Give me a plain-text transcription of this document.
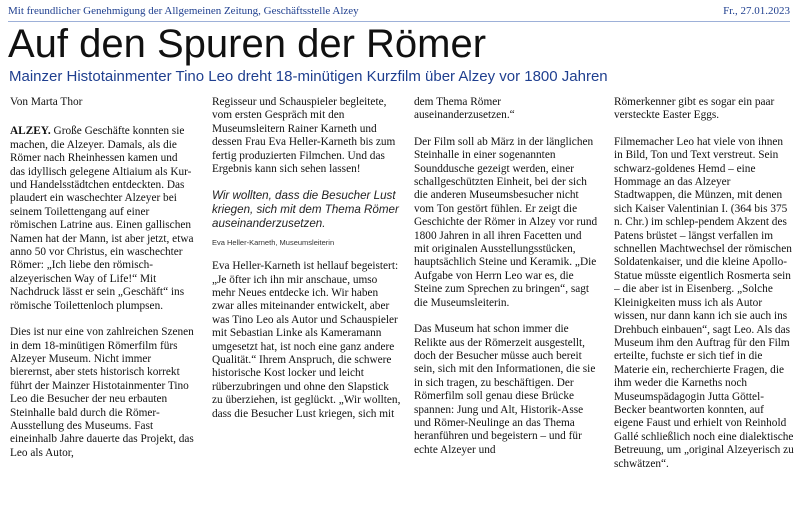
Mit freundlicher Genehmigung der Allgemeinen Zeitung, Geschäftsstelle Alzey	Fr., 27.01.2023
Auf den Spuren der Römer
Mainzer Histotainmenter Tino Leo dreht 18-minütigen Kurzfilm über Alzey vor 1800 Jahren

Von Marta Thor

ALZEY. Große Geschäfte konnten sie machen, die Alzeyer. Damals, als die Römer nach Rheinhessen kamen und das idyllisch gelegene Altiaium als Kur- und Handelsstädtchen entdeckten. Das plaudert ein waschechter Alzeyer bei seinem Toilettengang auf einer römischen Latrine aus. Einen gallischen Namen hat der Mann, ist aber jetzt, etwa anno 50 vor Christus, ein waschechter Römer: „Ich liebe den römisch-alzeyerischen Way of Life!“ Mit Nachdruck lässt er sein „Geschäft“ ins römische Toilettenloch plumpsen.

Dies ist nur eine von zahlreichen Szenen in dem 18-minütigen Römerfilm fürs Alzeyer Museum. Nicht immer bierernst, aber stets historisch korrekt führt der Mainzer Histotainmenter Tino Leo die Besucher der neu erbauten Steinhalle bald durch die Römer-Ausstellung des Museums. Fast eineinhalb Jahre dauerte das Projekt, das Leo als Autor,

Regisseur und Schauspieler begleitete, vom ersten Gespräch mit den Museumsleitern Rainer Karneth und dessen Frau Eva Heller-Karneth bis zum fertig produzierten Filmchen. Und das Ergebnis kann sich sehen lassen!

Wir wollten, dass die Besucher Lust kriegen, sich mit dem Thema Römer auseinanderzusetzen.

Eva Heller-Karneth, Museumsleiterin

Eva Heller-Karneth ist hellauf begeistert: „Je öfter ich ihn mir anschaue, umso mehr Neues entdecke ich. Wir haben zwar alles miteinander entwickelt, aber was Tino Leo als Autor und Schauspieler mit Sebastian Linke als Kameramann umgesetzt hat, ist noch eine ganz andere Qualität.“ Ihrem Anspruch, die schwere historische Kost locker und leicht rüberzubringen und ohne den Slapstick zu überziehen, ist geglückt. „Wir wollten, dass die Besucher Lust kriegen, sich mit

dem Thema Römer auseinanderzusetzen.“

Der Film soll ab März in der länglichen Steinhalle in einer sogenannten Sounddusche gezeigt werden, einer schallgeschützten Einheit, bei der sich die anderen Museumsbesucher nicht vom Ton gestört fühlen. Er zeigt die Geschichte der Römer in Alzey vor rund 1800 Jahren in all ihren Facetten und mit originalen Ausstellungsstücken, hauptsächlich Steine und Keramik. „Die Aufgabe von Herrn Leo war es, die Steine zum Sprechen zu bringen“, sagt die Museumsleiterin.

Das Museum hat schon immer die Relikte aus der Römerzeit ausgestellt, doch der Besucher müsse auch bereit sein, sich mit den Informationen, die sie in sich tragen, zu beschäftigen. Der Römerfilm soll genau diese Brücke spannen: Jung und Alt, Historik-Asse und Römer-Neulinge an das Thema heranführen und begeistern – und für echte Alzeyer und

Römerkenner gibt es sogar ein paar versteckte Easter Eggs.

Filmemacher Leo hat viele von ihnen in Bild, Ton und Text verstreut. Sein schwarz-goldenes Hemd – eine Hommage an das Alzeyer Stadtwappen, die Münzen, mit denen sich Kaiser Valentinian I. (364 bis 375 n. Chr.) im schlep-pendem Akzent des Patens brüstet – längst verfallen im schnellen Machtwechsel der römischen Soldatenkaiser, und die kleine Apollo-Statue müsste eigentlich Rosmerta sein – die aber ist in Eisenberg. „Solche Kleinigkeiten muss ich als Autor wissen, nur dann kann ich sie auch ins Drehbuch einbauen“, sagt Leo. Als das Museum ihm den Auftrag für den Film erteilte, fuchste er sich tief in die Materie ein, recherchierte Fragen, die ihm weder die Karneths noch Museumspädagogin Jutta Göttel-Becker beantworten konnten, auf eigene Faust und erhielt von Reinhold Gallé schließlich noch eine dialektische Betreuung, um „original Alzeyerisch zu schwätzen“.
